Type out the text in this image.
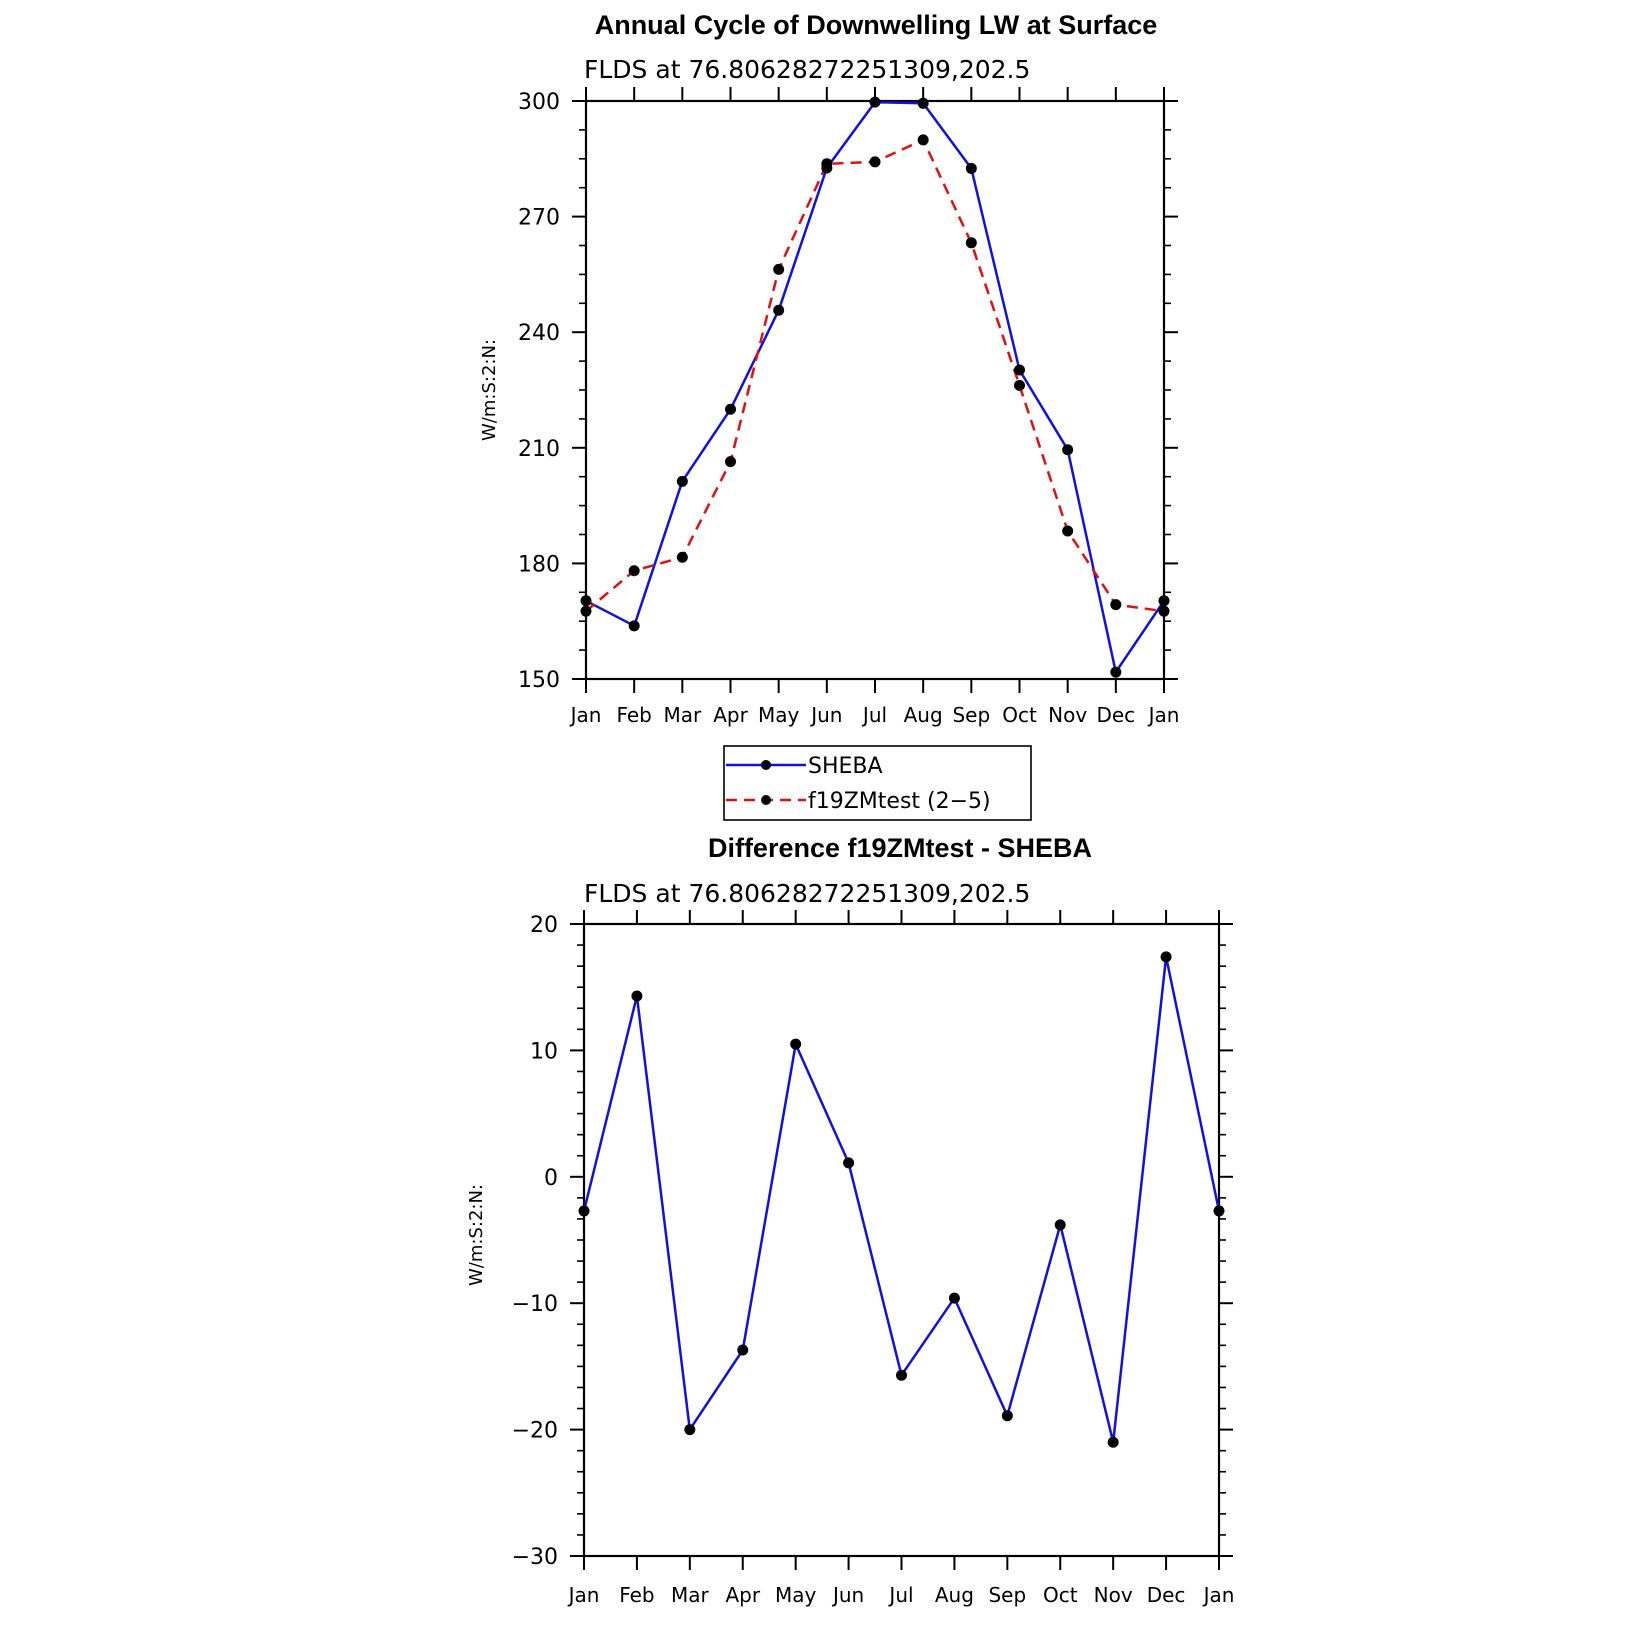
Annual Cycle of Downwelling LW at Surface
FLDS at 76.80628272251309,202.5
W/m:S:2:N:
300
270
240
210
180
150
Jan Feb Mar Apr May Jun Jul Aug Sep Oct Nov Dec Jan
SHEBA
f19ZMtest (2−5)
Difference f19ZMtest - SHEBA
FLDS at 76.80628272251309,202.5
W/m:S:2:N:
20
10
0
−10
−20
−30
Jan Feb Mar Apr May Jun Jul Aug Sep Oct Nov Dec Jan
